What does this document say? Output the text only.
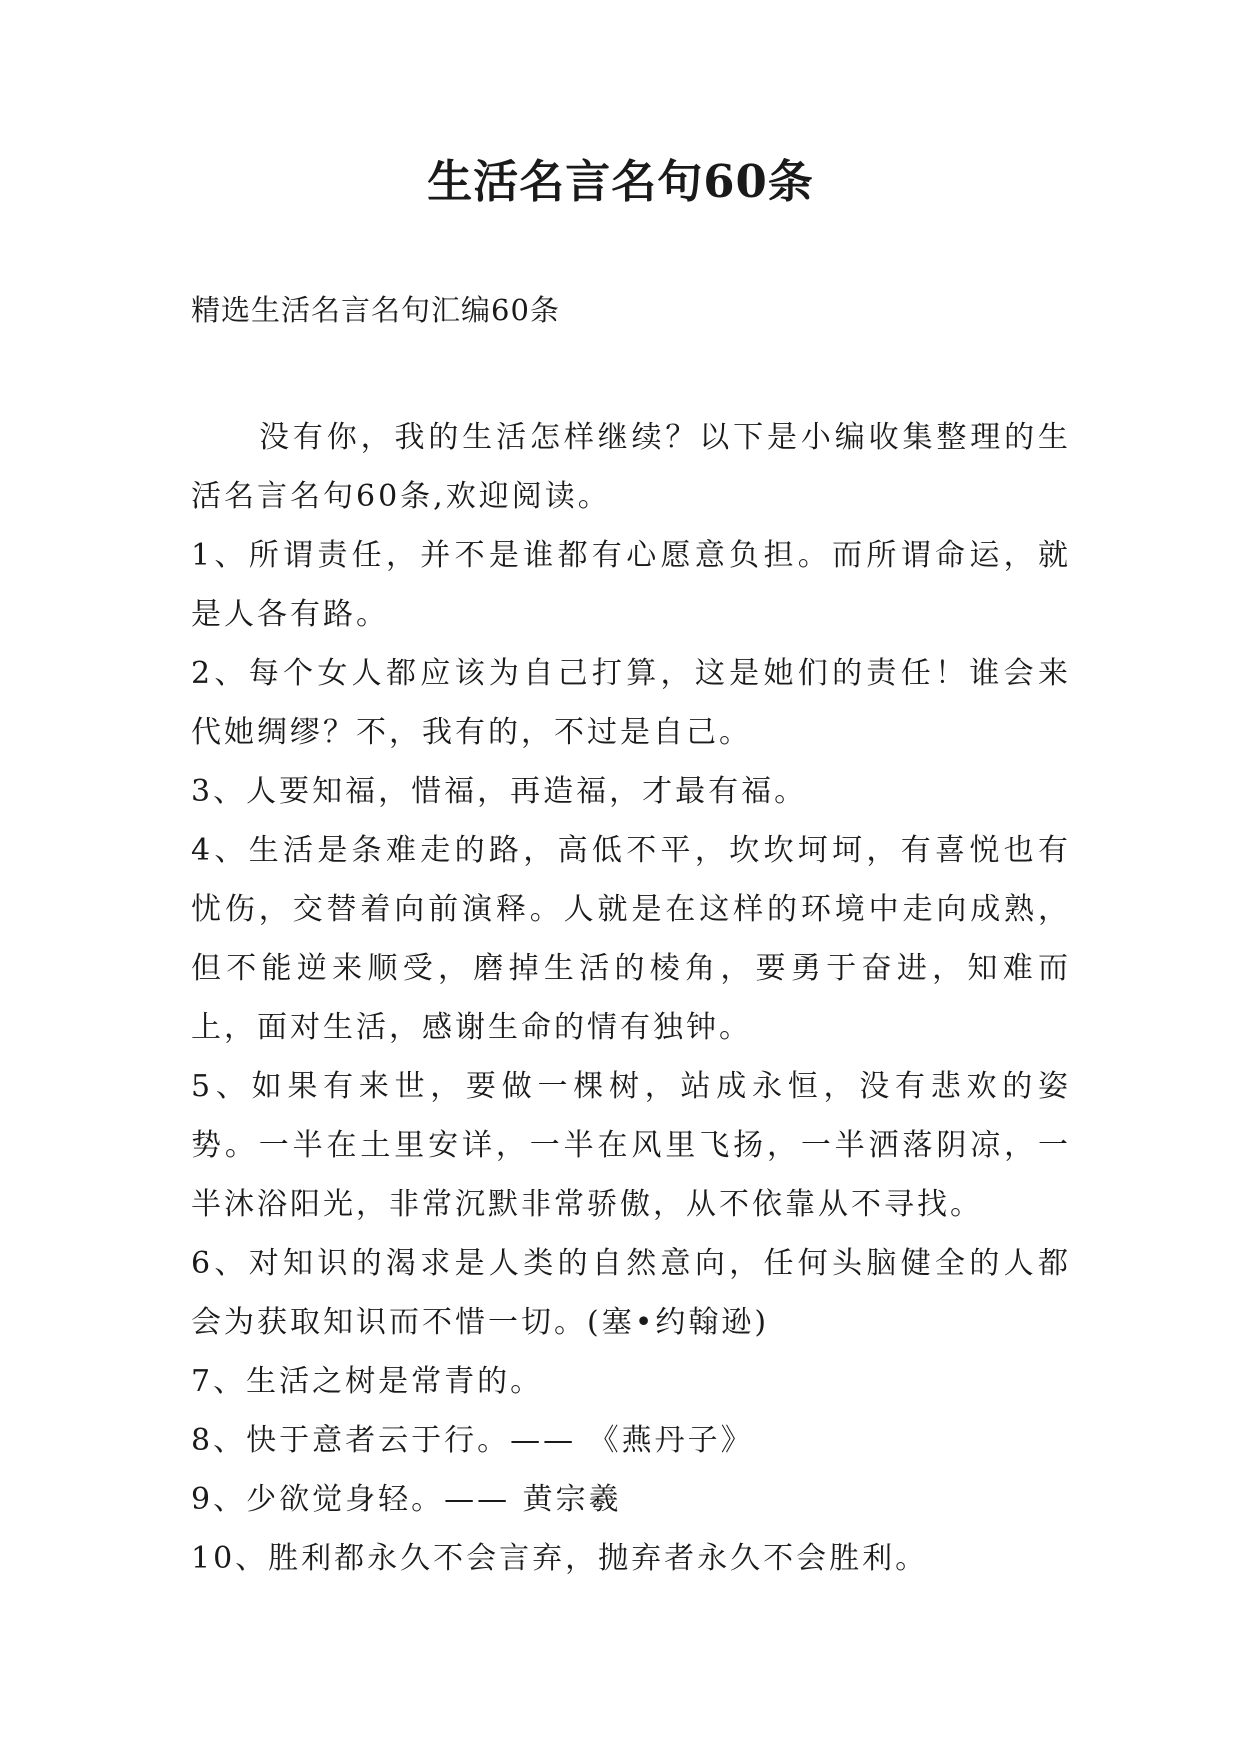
生活名言名句60条

精选生活名言名句汇编60条

没有你，我的生活怎样继续？以下是小编收集整理的生活名言名句60条,欢迎阅读。

1、所谓责任，并不是谁都有心愿意负担。而所谓命运，就是人各有路。

2、每个女人都应该为自己打算，这是她们的责任！谁会来代她绸缪？不，我有的，不过是自己。

3、人要知福，惜福，再造福，才最有福。

4、生活是条难走的路，高低不平，坎坎坷坷，有喜悦也有忧伤，交替着向前演释。人就是在这样的环境中走向成熟，但不能逆来顺受，磨掉生活的棱角，要勇于奋进，知难而上，面对生活，感谢生命的情有独钟。

5、如果有来世，要做一棵树，站成永恒，没有悲欢的姿势。一半在土里安详，一半在风里飞扬，一半洒落阴凉，一半沐浴阳光，非常沉默非常骄傲，从不依靠从不寻找。

6、对知识的渴求是人类的自然意向，任何头脑健全的人都会为获取知识而不惜一切。(塞•约翰逊)

7、生活之树是常青的。

8、快于意者云于行。—— 《燕丹子》

9、少欲觉身轻。—— 黄宗羲

10、胜利都永久不会言弃，抛弃者永久不会胜利。
